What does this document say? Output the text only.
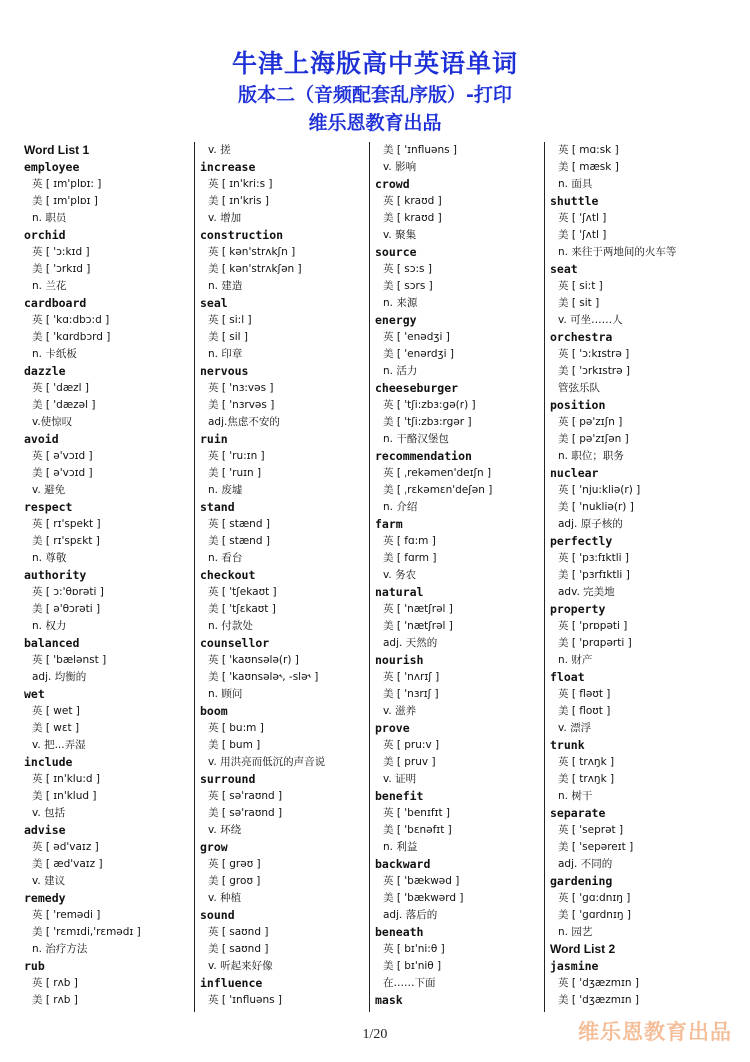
牛津上海版高中英语单词
版本二（音频配套乱序版）-打印
维乐恩教育出品
Word List 1
employee
英 [ ɪm'plɒɪ: ]
美 [ ɪm'plɒɪ ]
n. 职员
orchid
英 [ 'ɔ:kɪd ]
美 [ 'ɔrkɪd ]
n. 兰花
cardboard
英 [ 'kɑ:dbɔ:d ]
美 [ 'kɑrdbɔrd ]
n. 卡纸板
dazzle
英 [ 'dæzl ]
美 [ 'dæzəl ]
v.使惊叹
avoid
英 [ ə'vɔɪd ]
美 [ ə'vɔɪd ]
v. 避免
respect
英 [ rɪ'spekt ]
美 [ rɪ'spɛkt ]
n. 尊敬
authority
英 [ ɔ:'θɒrəti ]
美 [ ə'θɔrəti ]
n. 权力
balanced
英 [ 'bælənst ]
adj. 均衡的
wet
英 [ wet ]
美 [ wɛt ]
v. 把...弄湿
include
英 [ ɪn'klu:d ]
美 [ ɪn'klud ]
v. 包括
advise
英 [ əd'vaɪz ]
美 [ æd'vaɪz ]
v. 建议
remedy
英 [ 'remədi ]
美 [ 'rɛmɪdi,'rɛmədɪ ]
n. 治疗方法
rub
英 [ rʌb ]
美 [ rʌb ]
v. 搓
increase
英 [ ɪn'kri:s ]
美 [ ɪn'kris ]
v. 增加
construction
英 [ kən'strʌkʃn ]
美 [ kən'strʌkʃən ]
n. 建造
seal
英 [ si:l ]
美 [ sil ]
n. 印章
nervous
英 [ 'nɜ:vəs ]
美 [ 'nɜrvəs ]
adj.焦虑不安的
ruin
英 [ 'ru:ɪn ]
美 [ 'ruɪn ]
n. 废墟
stand
英 [ stænd ]
美 [ stænd ]
n. 看台
checkout
英 [ 'tʃekaʊt ]
美 [ 'tʃɛkaʊt ]
n. 付款处
counsellor
英 [ 'kaʊnsələ(r) ]
美 [ 'kaʊnsələ˞, -slə˞ ]
n. 顾问
boom
英 [ bu:m ]
美 [ bum ]
v. 用洪亮而低沉的声音说
surround
英 [ sə'raʊnd ]
美 [ sə'raʊnd ]
v. 环绕
grow
英 [ grəʊ ]
美 [ groʊ ]
v. 种植
sound
英 [ saʊnd ]
美 [ saʊnd ]
v. 听起来好像
influence
英 [ 'ɪnfluəns ]
美 [ 'ɪnfluəns ]
v. 影响
crowd
英 [ kraʊd ]
美 [ kraʊd ]
v. 聚集
source
英 [ sɔ:s ]
美 [ sɔrs ]
n. 来源
energy
英 [ 'enədʒi ]
美 [ 'enərdʒi ]
n. 活力
cheeseburger
英 [ 'tʃi:zbɜ:gə(r) ]
美 [ 'tʃi:zbɜ:rgər ]
n. 干酪汉堡包
recommendation
英 [ ˌrekəmen'deɪʃn ]
美 [ ˌrɛkəmɛn'deʃən ]
n. 介绍
farm
英 [ fɑ:m ]
美 [ fɑrm ]
v. 务农
natural
英 [ 'nætʃrəl ]
美 [ 'nætʃrəl ]
adj. 天然的
nourish
英 [ 'nʌrɪʃ ]
美 [ 'nɜrɪʃ ]
v. 滋养
prove
英 [ pru:v ]
美 [ pruv ]
v. 证明
benefit
英 [ 'benɪfɪt ]
美 [ 'bɛnəfɪt ]
n. 利益
backward
英 [ 'bækwəd ]
美 [ 'bækwərd ]
adj. 落后的
beneath
英 [ bɪ'ni:θ ]
美 [ bɪ'niθ ]
在……下面
mask
英 [ mɑ:sk ]
美 [ mæsk ]
n. 面具
shuttle
英 [ 'ʃʌtl ]
美 [ 'ʃʌtl ]
n. 来往于两地间的火车等
seat
英 [ si:t ]
美 [ sit ]
v. 可坐……人
orchestra
英 [ 'ɔ:kɪstrə ]
美 [ 'ɔrkɪstrə ]
管弦乐队
position
英 [ pə'zɪʃn ]
美 [ pə'zɪʃən ]
n. 职位；职务
nuclear
英 [ 'nju:kliə(r) ]
美 [ 'nukliə(r) ]
adj. 原子核的
perfectly
英 [ 'pɜ:fɪktli ]
美 [ 'pɜrfɪktli ]
adv. 完美地
property
英 [ 'prɒpəti ]
美 [ 'prɑpərti ]
n. 财产
float
英 [ fləʊt ]
美 [ floʊt ]
v. 漂浮
trunk
英 [ trʌŋk ]
美 [ trʌŋk ]
n. 树干
separate
英 [ 'seprət ]
美 [ 'sepəreɪt ]
adj. 不同的
gardening
英 [ 'gɑ:dnɪŋ ]
美 [ 'gɑrdnɪŋ ]
n. 园艺
Word List 2
jasmine
英 [ 'dʒæzmɪn ]
美 [ 'dʒæzmɪn ]
1/20	维乐恩教育出品
